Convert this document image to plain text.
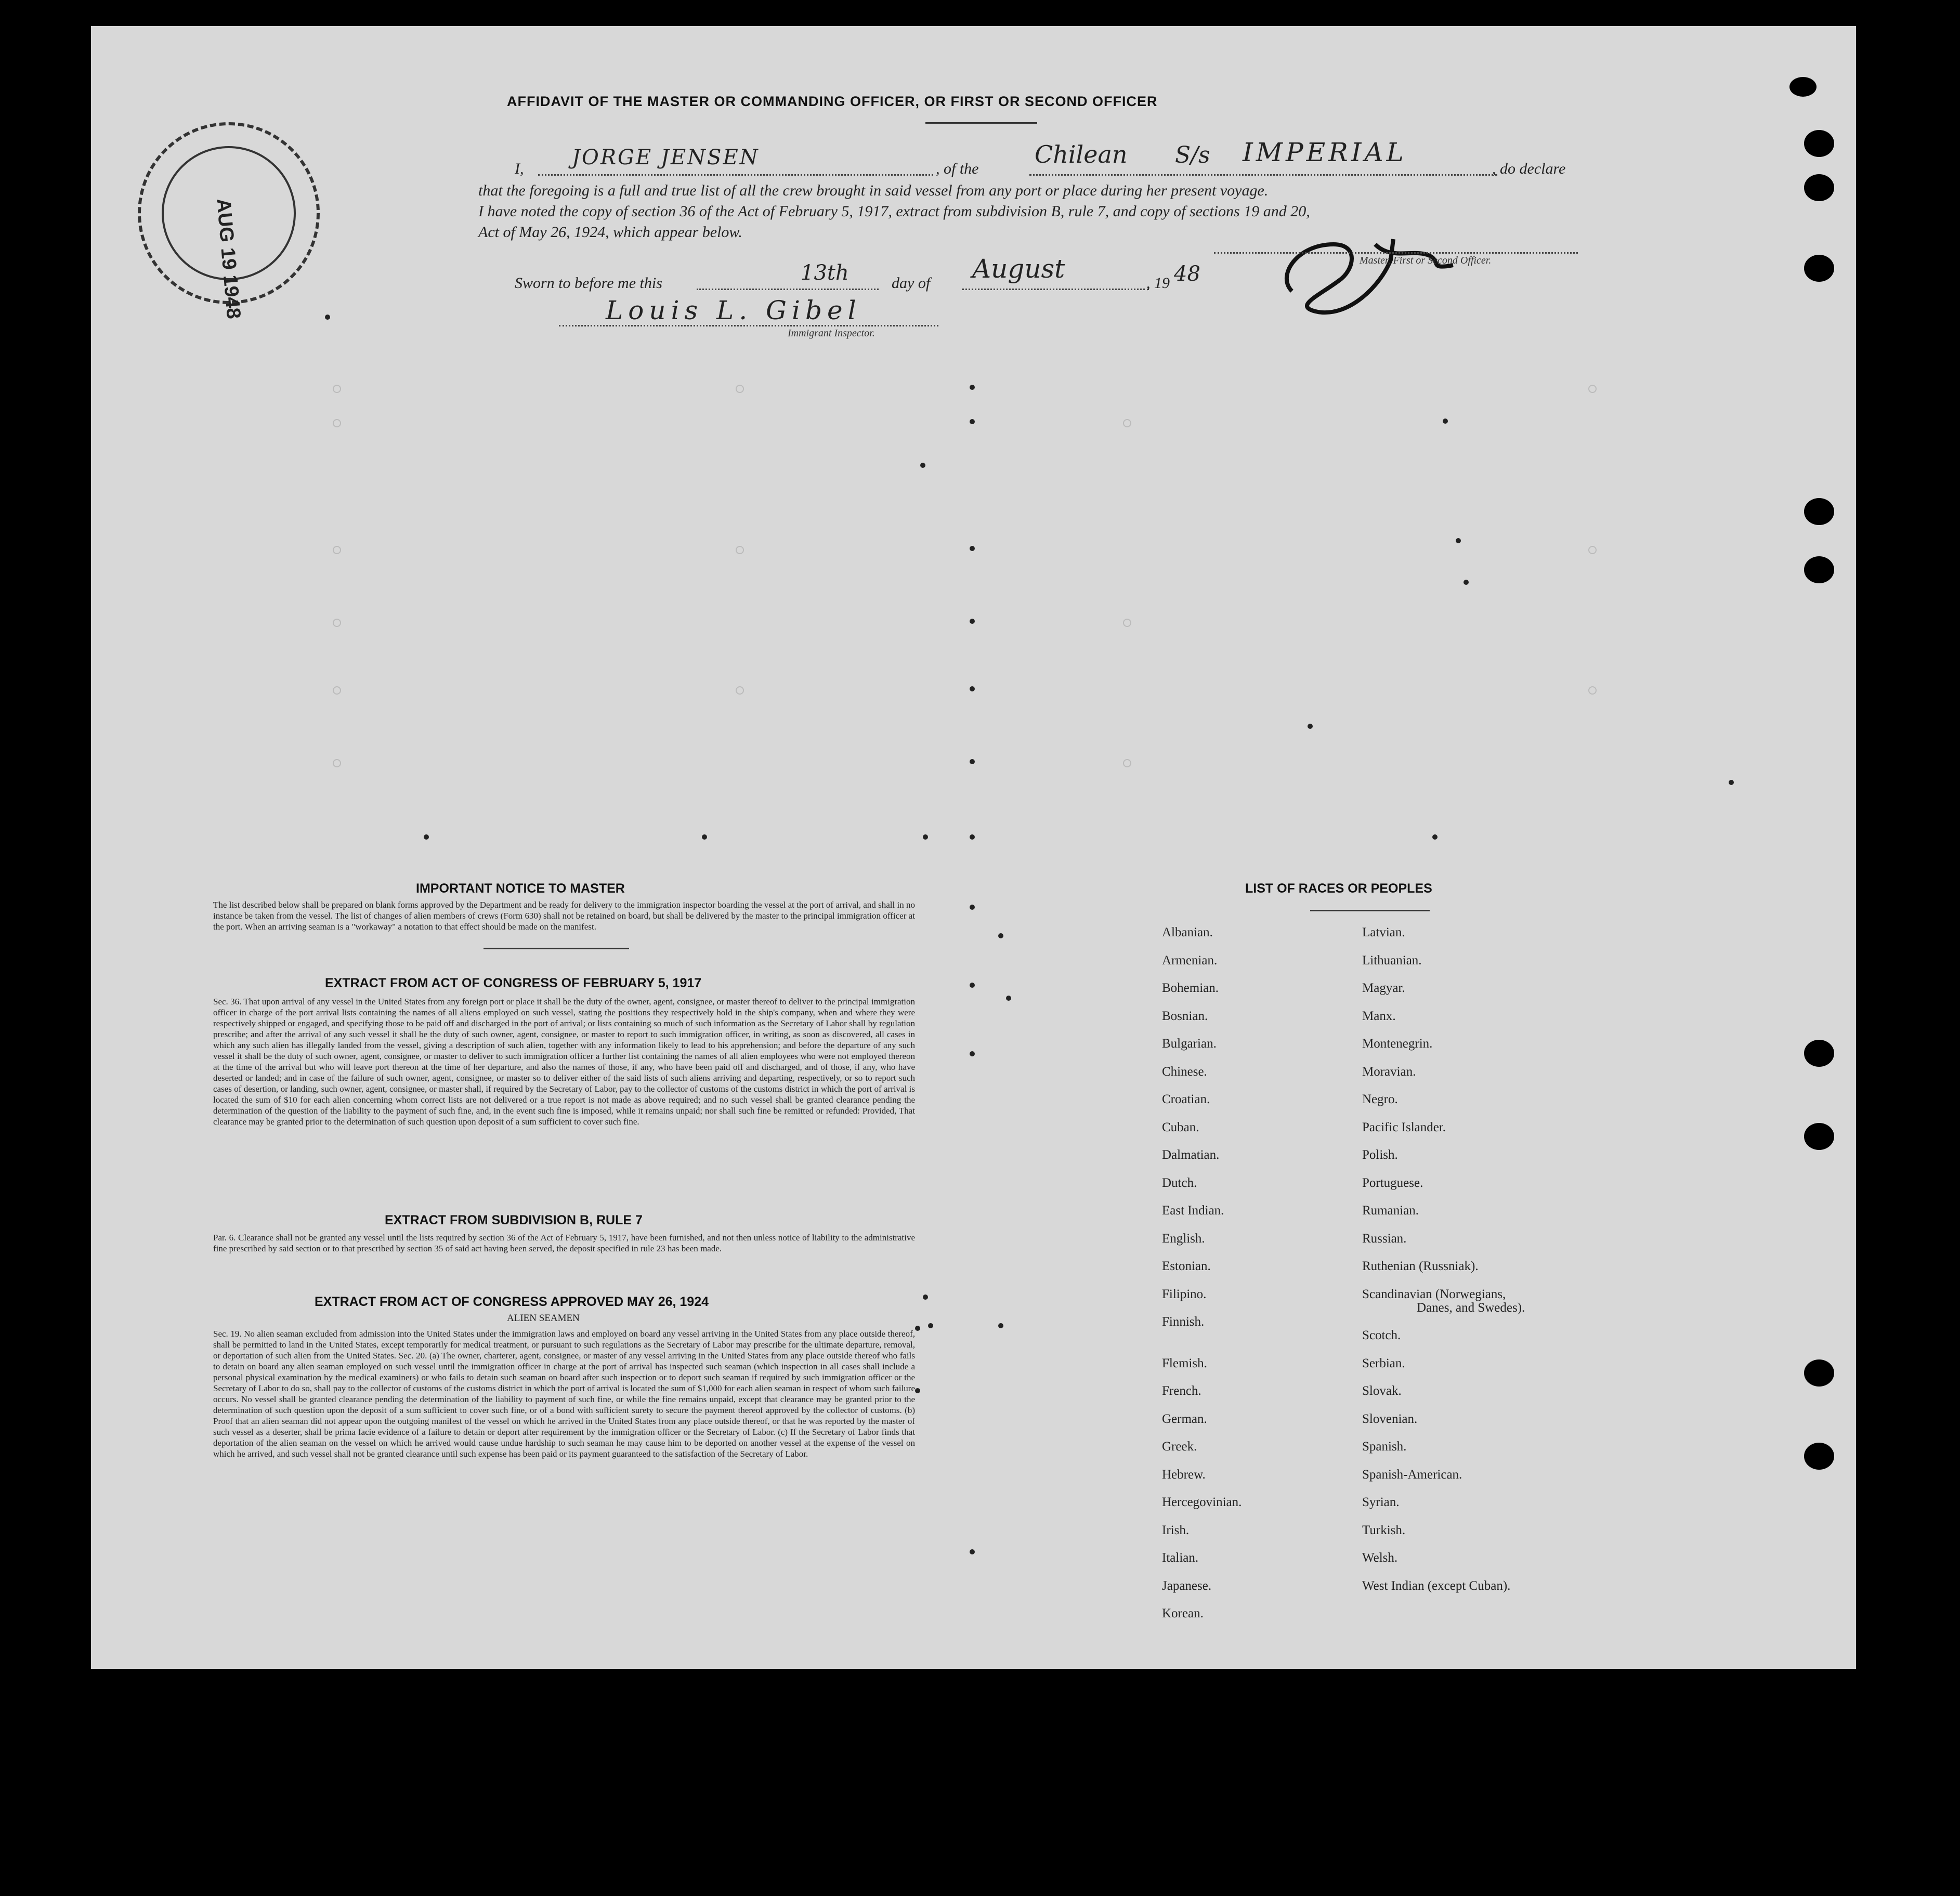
AUG 19 1948
AFFIDAVIT OF THE MASTER OR COMMANDING OFFICER, OR FIRST OR SECOND OFFICER
I, JORGE JENSEN	, of the
Chilean S/s IMPERIAL
, do declare
that the foregoing is a full and true list of all the crew brought in said vessel from any port or place during her present voyage.
I have noted the copy of section 36 of the Act of February 5, 1917, extract from subdivision B, rule 7, and copy of sections 19 and 20,
Act of May 26, 1924, which appear below.
Master, First or Second Officer.
Sworn to before me this	13th	day of August	, 19 48
Louis L. Gibel
Immigrant Inspector.
IMPORTANT NOTICE TO MASTER

The list described below shall be prepared on blank forms approved by the Department and be ready for delivery to the immigration inspector boarding the vessel at the port of arrival, and shall in no instance be taken from the vessel. The list of changes of alien members of crews (Form 630) shall not be retained on board, but shall be delivered by the master to the principal immigration officer at the port. When an arriving seaman is a "workaway" a notation to that effect should be made on the manifest.

EXTRACT FROM ACT OF CONGRESS OF FEBRUARY 5, 1917

Sec. 36. That upon arrival of any vessel in the United States from any foreign port or place it shall be the duty of the owner, agent, consignee, or master thereof to deliver to the principal immigration officer in charge of the port arrival lists containing the names of all aliens employed on such vessel, stating the positions they respectively hold in the ship's company, when and where they were respectively shipped or engaged, and specifying those to be paid off and discharged in the port of arrival; or lists containing so much of such information as the Secretary of Labor shall by regulation prescribe; and after the arrival of any such vessel it shall be the duty of such owner, agent, consignee, or master to report to such immigration officer, in writing, as soon as discovered, all cases in which any such alien has illegally landed from the vessel, giving a description of such alien, together with any information likely to lead to his apprehension; and before the departure of any such vessel it shall be the duty of such owner, agent, consignee, or master to deliver to such immigration officer a further list containing the names of all alien employees who were not employed thereon at the time of the arrival but who will leave port thereon at the time of her departure, and also the names of those, if any, who have been paid off and discharged, and of those, if any, who have deserted or landed; and in case of the failure of such owner, agent, consignee, or master so to deliver either of the said lists of such aliens arriving and departing, respectively, or so to report such cases of desertion, or landing, such owner, agent, consignee, or master shall, if required by the Secretary of Labor, pay to the collector of customs of the customs district in which the port of arrival is located the sum of $10 for each alien concerning whom correct lists are not delivered or a true report is not made as above required; and no such vessel shall be granted clearance pending the determination of the question of the liability to the payment of such fine, and, in the event such fine is imposed, while it remains unpaid; nor shall such fine be remitted or refunded: Provided, That clearance may be granted prior to the determination of such question upon deposit of a sum sufficient to cover such fine.

EXTRACT FROM SUBDIVISION B, RULE 7

Par. 6. Clearance shall not be granted any vessel until the lists required by section 36 of the Act of February 5, 1917, have been furnished, and not then unless notice of liability to the administrative fine prescribed by said section or to that prescribed by section 35 of said act having been served, the deposit specified in rule 23 has been made.

EXTRACT FROM ACT OF CONGRESS APPROVED MAY 26, 1924
ALIEN SEAMEN

Sec. 19. No alien seaman excluded from admission into the United States under the immigration laws and employed on board any vessel arriving in the United States from any place outside thereof, shall be permitted to land in the United States, except temporarily for medical treatment, or pursuant to such regulations as the Secretary of Labor may prescribe for the ultimate departure, removal, or deportation of such alien from the United States. Sec. 20. (a) The owner, charterer, agent, consignee, or master of any vessel arriving in the United States from any place outside thereof who fails to detain on board any alien seaman employed on such vessel until the immigration officer in charge at the port of arrival has inspected such seaman (which inspection in all cases shall include a personal physical examination by the medical examiners) or who fails to detain such seaman on board after such inspection or to deport such seaman if required by such immigration officer or the Secretary of Labor to do so, shall pay to the collector of customs of the customs district in which the port of arrival is located the sum of $1,000 for each alien seaman in respect of whom such failure occurs. No vessel shall be granted clearance pending the determination of the liability to payment of such fine, or while the fine remains unpaid, except that clearance may be granted prior to the determination of such question upon the deposit of a sum sufficient to cover such fine, or of a bond with sufficient surety to secure the payment thereof approved by the collector of customs. (b) Proof that an alien seaman did not appear upon the outgoing manifest of the vessel on which he arrived in the United States from any place outside thereof, or that he was reported by the master of such vessel as a deserter, shall be prima facie evidence of a failure to detain or deport after requirement by the immigration officer or the Secretary of Labor. (c) If the Secretary of Labor finds that deportation of the alien seaman on the vessel on which he arrived would cause undue hardship to such seaman he may cause him to be deported on another vessel at the expense of the vessel on which he arrived, and such vessel shall not be granted clearance until such expense has been paid or its payment guaranteed to the satisfaction of the Secretary of Labor.

LIST OF RACES OR PEOPLES
Albanian.
Armenian.
Bohemian.
Bosnian.
Bulgarian.
Chinese.
Croatian.
Cuban.
Dalmatian.
Dutch.
East Indian.
English.
Estonian.
Filipino.
Finnish.
Flemish.
French.
German.
Greek.
Hebrew.
Hercegovinian.
Irish.
Italian.
Japanese.
Korean.
Latvian.
Lithuanian.
Magyar.
Manx.
Montenegrin.
Moravian.
Negro.
Pacific Islander.
Polish.
Portuguese.
Rumanian.
Russian.
Ruthenian (Russniak).
Scandinavian (Norwegians,
Danes, and Swedes).
Scotch.
Serbian.
Slovak.
Slovenian.
Spanish.
Spanish-American.
Syrian.
Turkish.
Welsh.
West Indian (except Cuban).
